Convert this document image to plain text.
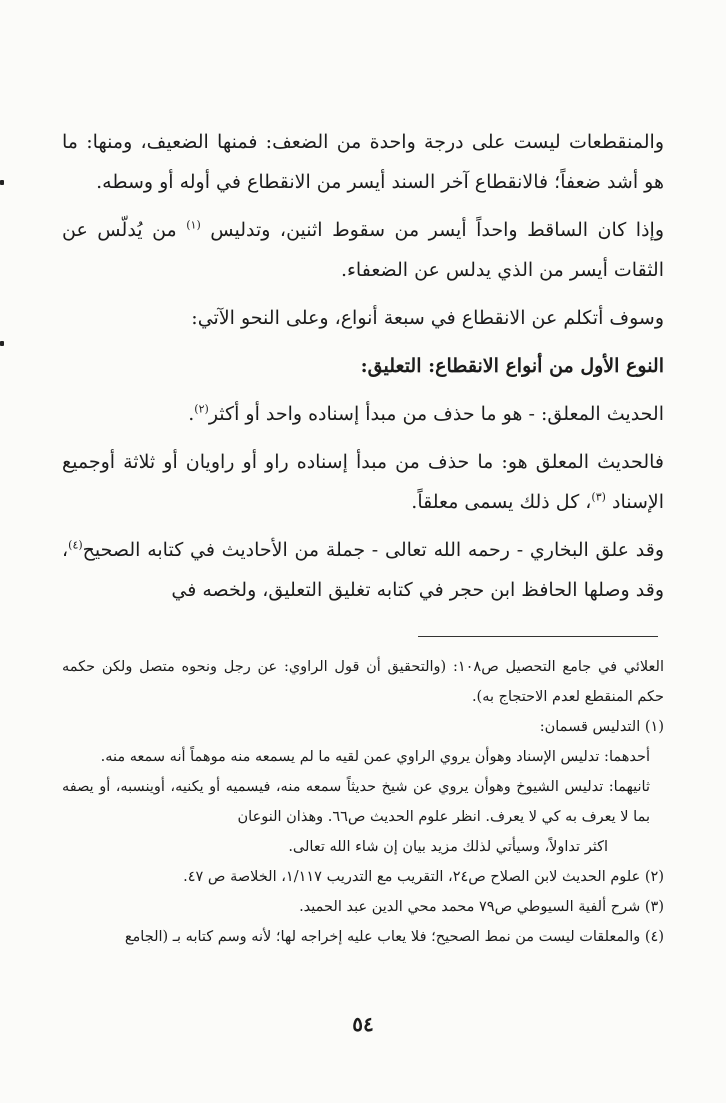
والمنقطعات ليست على درجة واحدة من الضعف: فمنها الضعيف، ومنها: ما هو أشد ضعفاً؛ فالانقطاع آخر السند أيسر من الانقطاع في أوله أو وسطه.

وإذا كان الساقط واحداً أيسر من سقوط اثنين، وتدليس $^{(١)}$ من يُدلّس عن الثقات أيسر من الذي يدلس عن الضعفاء.

وسوف أتكلم عن الانقطاع في سبعة أنواع، وعلى النحو الآتي:

النوع الأول من أنواع الانقطاع: التعليق:

الحديث المعلق: - هو ما حذف من مبدأ إسناده واحد أو أكثر$^{(٢)}$.

فالحديث المعلق هو: ما حذف من مبدأ إسناده راو أو راويان أو ثلاثة أوجميع الإسناد $^{(٣)}$، كل ذلك يسمى معلقاً.

وقد علق البخاري - رحمه الله تعالى - جملة من الأحاديث في كتابه الصحيح$^{(٤)}$، وقد وصلها الحافظ ابن حجر في كتابه تغليق التعليق، ولخصه في

العلائي في جامع التحصيل ص١٠٨: (والتحقيق أن قول الراوي: عن رجل ونحوه متصل ولكن حكمه حكم المنقطع لعدم الاحتجاج به).

(١) التدليس قسمان:

أحدهما: تدليس الإسناد وهوأن يروي الراوي عمن لقيه ما لم يسمعه منه موهماً أنه سمعه منه.

ثانيهما: تدليس الشيوخ وهوأن يروي عن شيخ حديثاً سمعه منه، فيسميه أو يكنيه، أوينسبه، أو يصفه بما لا يعرف به كي لا يعرف. انظر علوم الحديث ص٦٦. وهذان النوعان

اكثر تداولاً، وسيأتي لذلك مزيد بيان إن شاء الله تعالى.

(٢) علوم الحديث لابن الصلاح ص٢٤، التقريب مع التدريب ١/١١٧، الخلاصة ص ٤٧.

(٣) شرح ألفية السيوطي ص٧٩ محمد محي الدين عبد الحميد.

(٤) والمعلقات ليست من نمط الصحيح؛ فلا يعاب عليه إخراجه لها؛ لأنه وسم كتابه بـ (الجامع

٥٤
